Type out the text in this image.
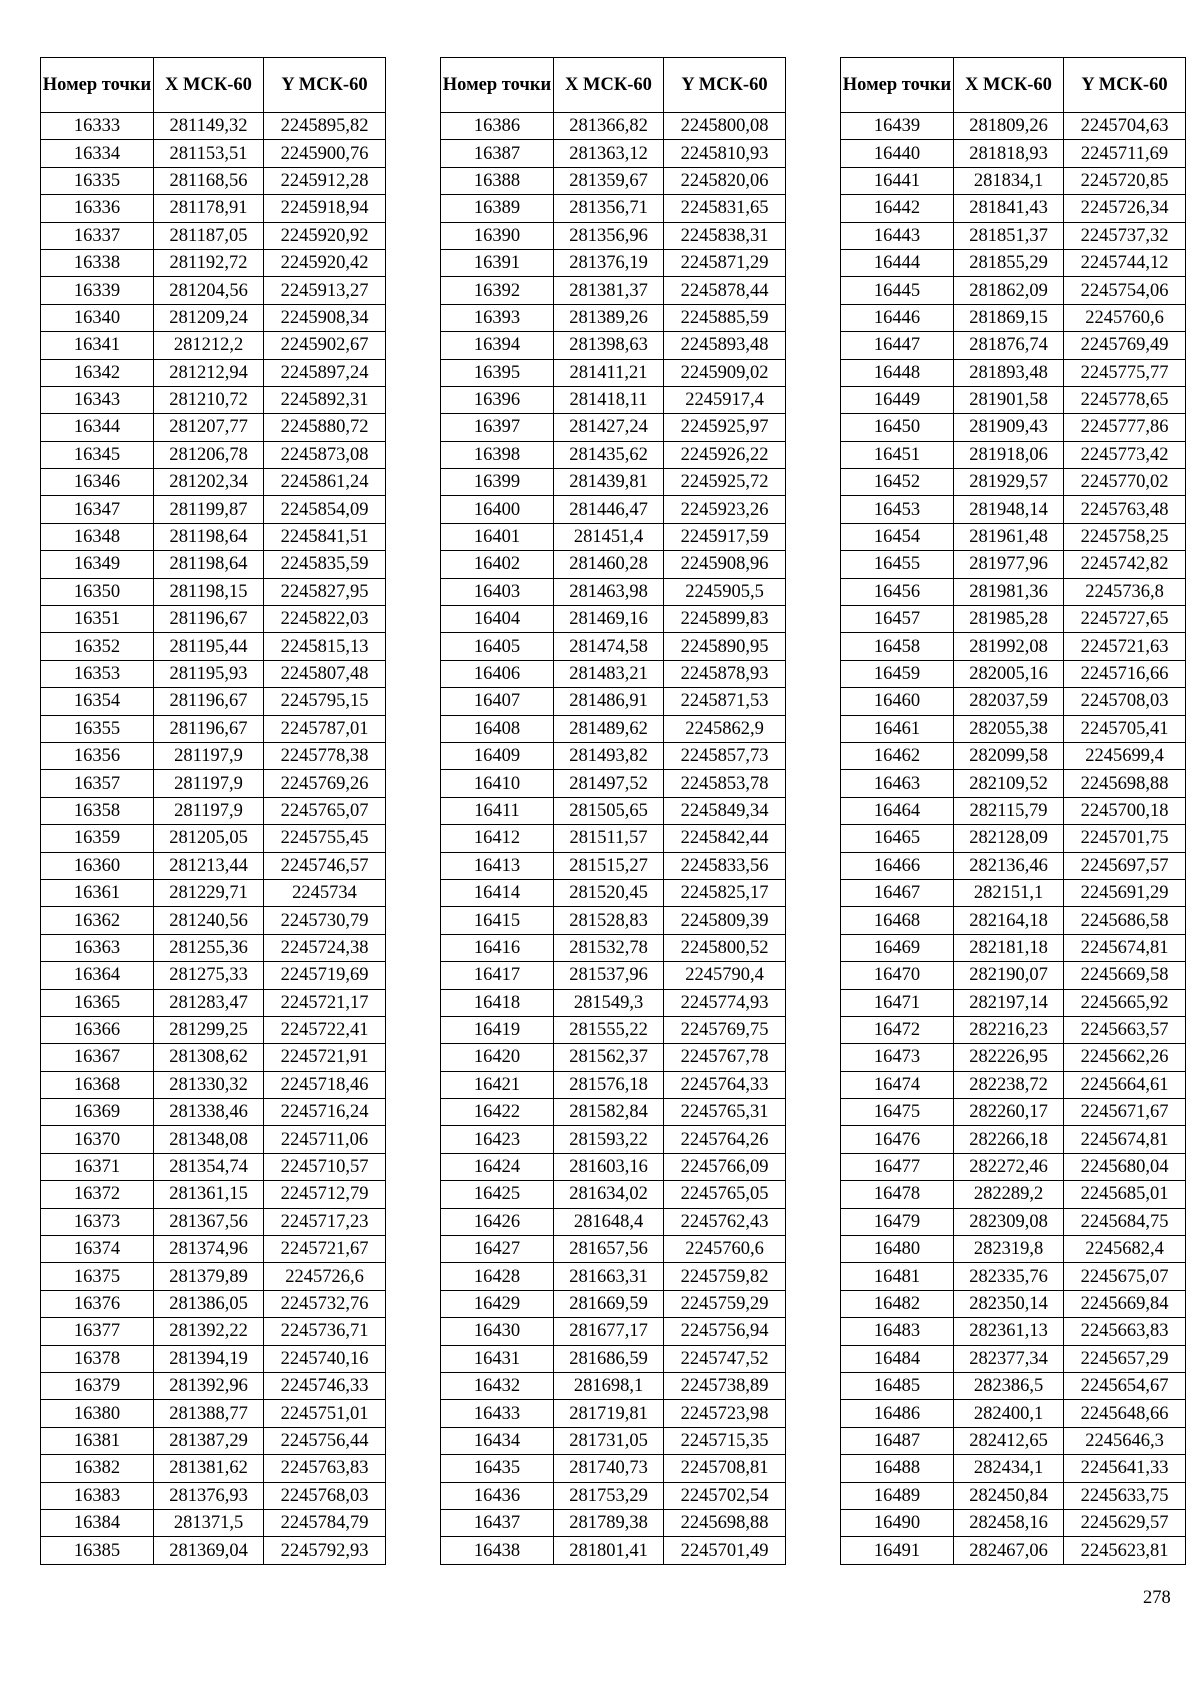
Номер точки	X МСК-60	Y МСК-60
16333	281149,32	2245895,82
16334	281153,51	2245900,76
16335	281168,56	2245912,28
16336	281178,91	2245918,94
16337	281187,05	2245920,92
16338	281192,72	2245920,42
16339	281204,56	2245913,27
16340	281209,24	2245908,34
16341	281212,2	2245902,67
16342	281212,94	2245897,24
16343	281210,72	2245892,31
16344	281207,77	2245880,72
16345	281206,78	2245873,08
16346	281202,34	2245861,24
16347	281199,87	2245854,09
16348	281198,64	2245841,51
16349	281198,64	2245835,59
16350	281198,15	2245827,95
16351	281196,67	2245822,03
16352	281195,44	2245815,13
16353	281195,93	2245807,48
16354	281196,67	2245795,15
16355	281196,67	2245787,01
16356	281197,9	2245778,38
16357	281197,9	2245769,26
16358	281197,9	2245765,07
16359	281205,05	2245755,45
16360	281213,44	2245746,57
16361	281229,71	2245734
16362	281240,56	2245730,79
16363	281255,36	2245724,38
16364	281275,33	2245719,69
16365	281283,47	2245721,17
16366	281299,25	2245722,41
16367	281308,62	2245721,91
16368	281330,32	2245718,46
16369	281338,46	2245716,24
16370	281348,08	2245711,06
16371	281354,74	2245710,57
16372	281361,15	2245712,79
16373	281367,56	2245717,23
16374	281374,96	2245721,67
16375	281379,89	2245726,6
16376	281386,05	2245732,76
16377	281392,22	2245736,71
16378	281394,19	2245740,16
16379	281392,96	2245746,33
16380	281388,77	2245751,01
16381	281387,29	2245756,44
16382	281381,62	2245763,83
16383	281376,93	2245768,03
16384	281371,5	2245784,79
16385	281369,04	2245792,93
Номер точки	X МСК-60	Y МСК-60
16386	281366,82	2245800,08
16387	281363,12	2245810,93
16388	281359,67	2245820,06
16389	281356,71	2245831,65
16390	281356,96	2245838,31
16391	281376,19	2245871,29
16392	281381,37	2245878,44
16393	281389,26	2245885,59
16394	281398,63	2245893,48
16395	281411,21	2245909,02
16396	281418,11	2245917,4
16397	281427,24	2245925,97
16398	281435,62	2245926,22
16399	281439,81	2245925,72
16400	281446,47	2245923,26
16401	281451,4	2245917,59
16402	281460,28	2245908,96
16403	281463,98	2245905,5
16404	281469,16	2245899,83
16405	281474,58	2245890,95
16406	281483,21	2245878,93
16407	281486,91	2245871,53
16408	281489,62	2245862,9
16409	281493,82	2245857,73
16410	281497,52	2245853,78
16411	281505,65	2245849,34
16412	281511,57	2245842,44
16413	281515,27	2245833,56
16414	281520,45	2245825,17
16415	281528,83	2245809,39
16416	281532,78	2245800,52
16417	281537,96	2245790,4
16418	281549,3	2245774,93
16419	281555,22	2245769,75
16420	281562,37	2245767,78
16421	281576,18	2245764,33
16422	281582,84	2245765,31
16423	281593,22	2245764,26
16424	281603,16	2245766,09
16425	281634,02	2245765,05
16426	281648,4	2245762,43
16427	281657,56	2245760,6
16428	281663,31	2245759,82
16429	281669,59	2245759,29
16430	281677,17	2245756,94
16431	281686,59	2245747,52
16432	281698,1	2245738,89
16433	281719,81	2245723,98
16434	281731,05	2245715,35
16435	281740,73	2245708,81
16436	281753,29	2245702,54
16437	281789,38	2245698,88
16438	281801,41	2245701,49
Номер точки	X МСК-60	Y МСК-60
16439	281809,26	2245704,63
16440	281818,93	2245711,69
16441	281834,1	2245720,85
16442	281841,43	2245726,34
16443	281851,37	2245737,32
16444	281855,29	2245744,12
16445	281862,09	2245754,06
16446	281869,15	2245760,6
16447	281876,74	2245769,49
16448	281893,48	2245775,77
16449	281901,58	2245778,65
16450	281909,43	2245777,86
16451	281918,06	2245773,42
16452	281929,57	2245770,02
16453	281948,14	2245763,48
16454	281961,48	2245758,25
16455	281977,96	2245742,82
16456	281981,36	2245736,8
16457	281985,28	2245727,65
16458	281992,08	2245721,63
16459	282005,16	2245716,66
16460	282037,59	2245708,03
16461	282055,38	2245705,41
16462	282099,58	2245699,4
16463	282109,52	2245698,88
16464	282115,79	2245700,18
16465	282128,09	2245701,75
16466	282136,46	2245697,57
16467	282151,1	2245691,29
16468	282164,18	2245686,58
16469	282181,18	2245674,81
16470	282190,07	2245669,58
16471	282197,14	2245665,92
16472	282216,23	2245663,57
16473	282226,95	2245662,26
16474	282238,72	2245664,61
16475	282260,17	2245671,67
16476	282266,18	2245674,81
16477	282272,46	2245680,04
16478	282289,2	2245685,01
16479	282309,08	2245684,75
16480	282319,8	2245682,4
16481	282335,76	2245675,07
16482	282350,14	2245669,84
16483	282361,13	2245663,83
16484	282377,34	2245657,29
16485	282386,5	2245654,67
16486	282400,1	2245648,66
16487	282412,65	2245646,3
16488	282434,1	2245641,33
16489	282450,84	2245633,75
16490	282458,16	2245629,57
16491	282467,06	2245623,81
278
